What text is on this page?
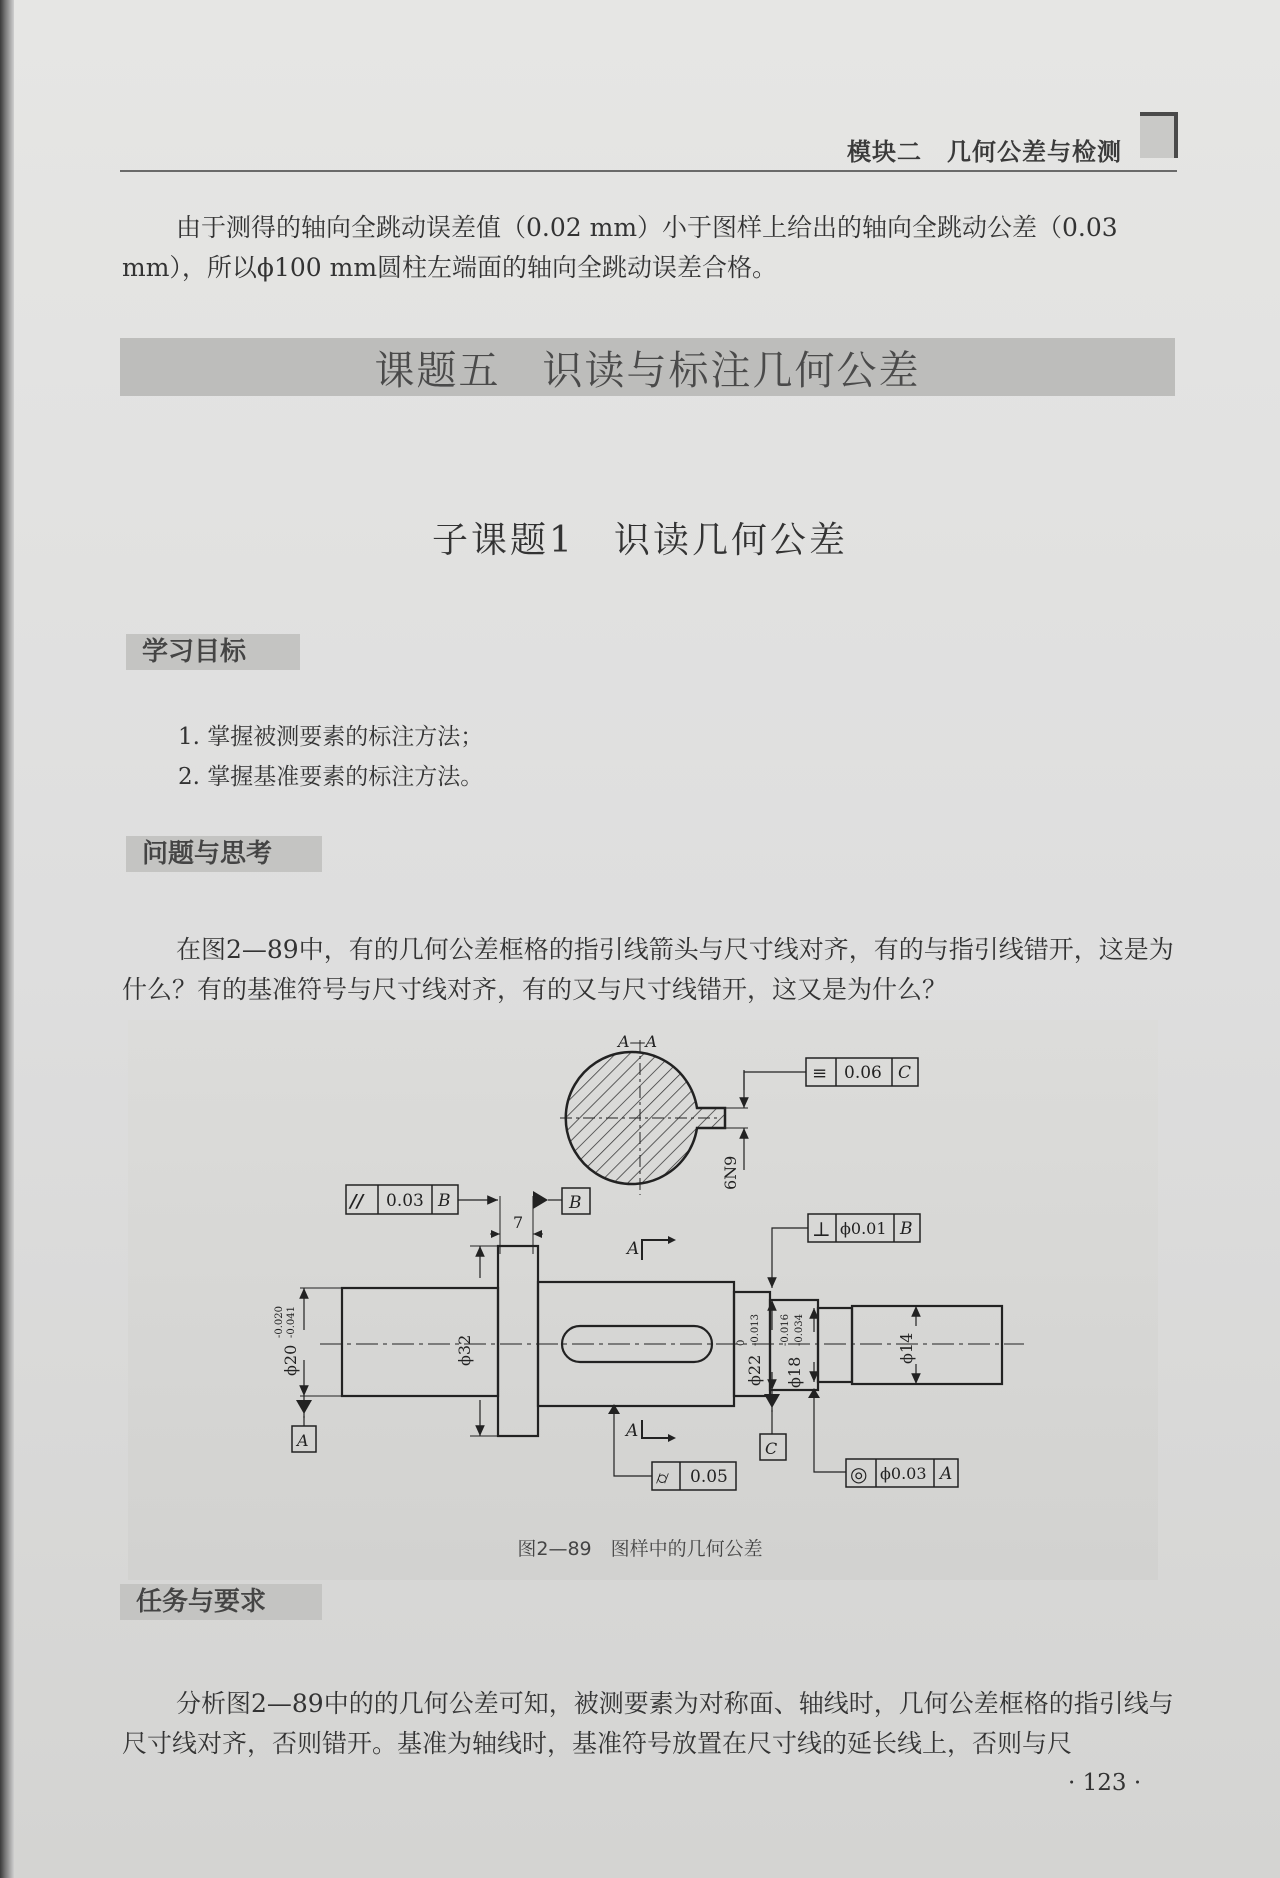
模块二　几何公差与检测
由于测得的轴向全跳动误差值（0.02 mm）小于图样上给出的轴向全跳动公差（0.03 mm），所以ϕ100 mm圆柱左端面的轴向全跳动误差合格。
课题五　识读与标注几何公差
子课题1　识读几何公差
学习目标
1. 掌握被测要素的标注方法；
2. 掌握基准要素的标注方法。
问题与思考
在图2—89中，有的几何公差框格的指引线箭头与尺寸线对齐，有的与指引线错开，这是为什么？有的基准符号与尺寸线对齐，有的又与尺寸线错开，这又是为什么？
A—A
6N9
≡ 0.06 C
// 0.03 B	B
7
A
A
⊥ ϕ0.01 B
ϕ20
-0.020 -0.041
A
ϕ32
ϕ22
0 -0.013
C
ϕ18
-0.016 -0.034
ϕ14
⌭ 0.05	◎ ϕ0.03 A
图2—89　图样中的几何公差
任务与要求
分析图2—89中的的几何公差可知，被测要素为对称面、轴线时，几何公差框格的指引线与尺寸线对齐，否则错开。基准为轴线时，基准符号放置在尺寸线的延长线上，否则与尺
· 123 ·
